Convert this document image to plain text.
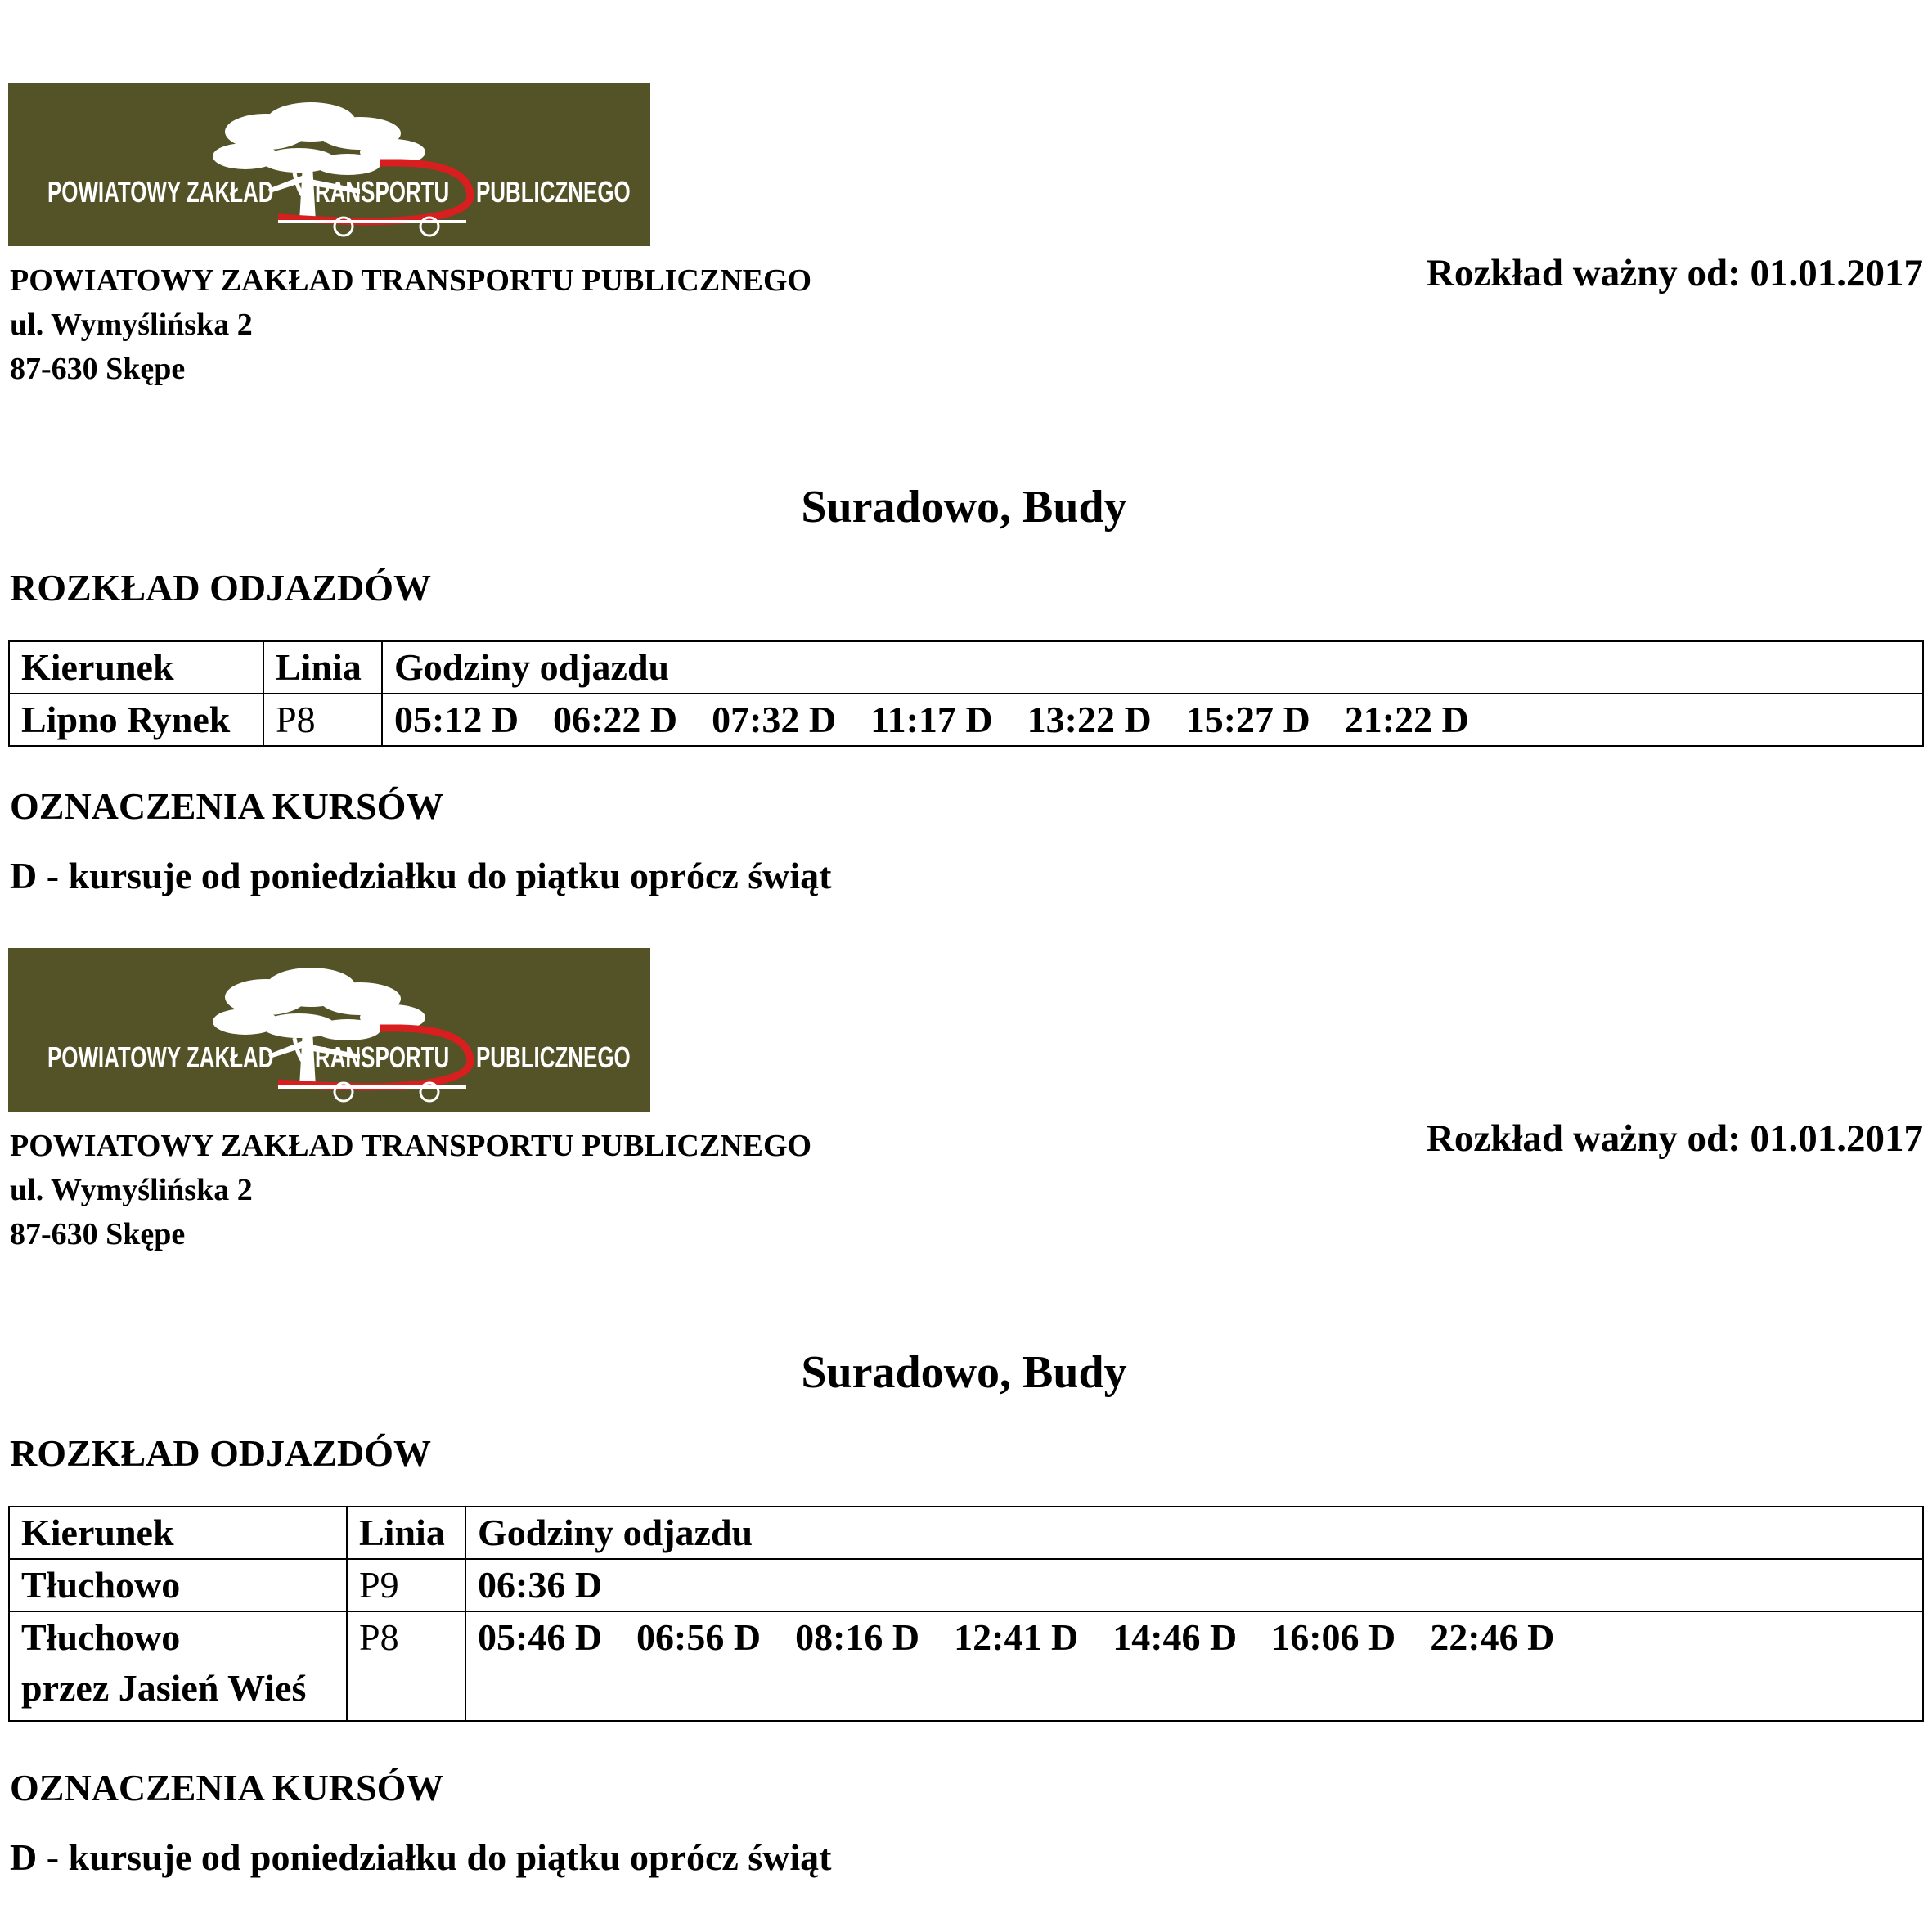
POWIATOWY ZAKŁAD RANSPORTU PUBLICZNEGO
POWIATOWY ZAKŁAD TRANSPORTU PUBLICZNEGO
ul. Wymyślińska 2
87-630 Skępe
Rozkład ważny od: 01.01.2017
Suradowo, Budy
ROZKŁAD ODJAZDÓW
Kierunek	Linia	Godziny odjazdu

Lipno Rynek	P8	05:12 D 06:22 D 07:32 D 11:17 D 13:22 D 15:27 D 21:22 D
OZNACZENIA KURSÓW
D - kursuje od poniedziałku do piątku oprócz świąt
POWIATOWY ZAKŁAD RANSPORTU PUBLICZNEGO
POWIATOWY ZAKŁAD TRANSPORTU PUBLICZNEGO
ul. Wymyślińska 2
87-630 Skępe
Rozkład ważny od: 01.01.2017
Suradowo, Budy
ROZKŁAD ODJAZDÓW
Kierunek	Linia	Godziny odjazdu

Tłuchowo	P9	06:36 D

Tłuchowo
przez Jasień Wieś	P8	05:46 D 06:56 D 08:16 D 12:41 D 14:46 D 16:06 D 22:46 D
OZNACZENIA KURSÓW
D - kursuje od poniedziałku do piątku oprócz świąt
